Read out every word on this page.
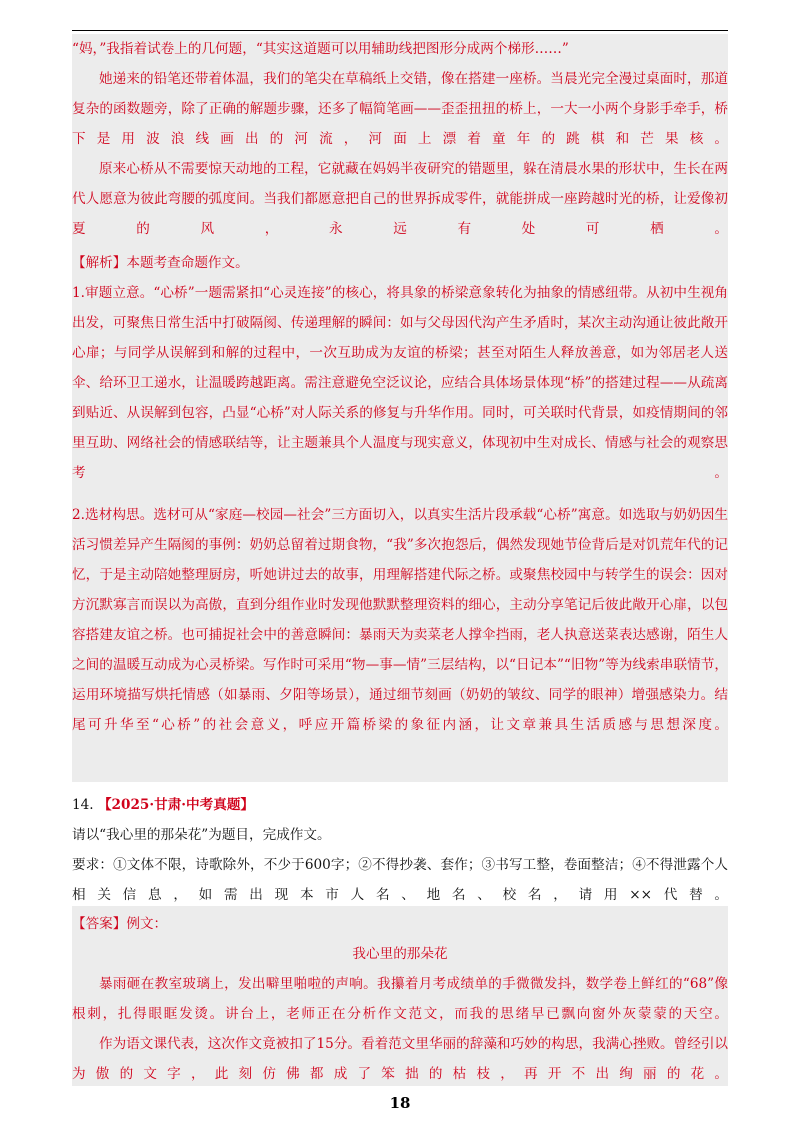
“妈，”我指着试卷上的几何题，“其实这道题可以用辅助线把图形分成两个梯形……”

她递来的铅笔还带着体温，我们的笔尖在草稿纸上交错，像在搭建一座桥。当晨光完全漫过桌面时，那道复杂的函数题旁，除了正确的解题步骤，还多了幅简笔画——歪歪扭扭的桥上，一大一小两个身影手牵手，桥下是用波浪线画出的河流，河面上漂着童年的跳棋和芒果核。

原来心桥从不需要惊天动地的工程，它就藏在妈妈半夜研究的错题里，躲在清晨水果的形状中，生长在两代人愿意为彼此弯腰的弧度间。当我们都愿意把自己的世界拆成零件，就能拼成一座跨越时光的桥，让爱像初夏的风，永远有处可栖。

【解析】本题考查命题作文。

1.审题立意。“心桥”一题需紧扣“心灵连接”的核心，将具象的桥梁意象转化为抽象的情感纽带。从初中生视角出发，可聚焦日常生活中打破隔阂、传递理解的瞬间：如与父母因代沟产生矛盾时，某次主动沟通让彼此敞开心扉；与同学从误解到和解的过程中，一次互助成为友谊的桥梁；甚至对陌生人释放善意，如为邻居老人送伞、给环卫工递水，让温暖跨越距离。需注意避免空泛议论，应结合具体场景体现“桥”的搭建过程——从疏离到贴近、从误解到包容，凸显“心桥”对人际关系的修复与升华作用。同时，可关联时代背景，如疫情期间的邻里互助、网络社会的情感联结等，让主题兼具个人温度与现实意义，体现初中生对成长、情感与社会的观察思考。

2.选材构思。选材可从“家庭—校园—社会”三方面切入，以真实生活片段承载“心桥”寓意。如选取与奶奶因生活习惯差异产生隔阂的事例：奶奶总留着过期食物，“我”多次抱怨后，偶然发现她节俭背后是对饥荒年代的记忆，于是主动陪她整理厨房，听她讲过去的故事，用理解搭建代际之桥。或聚焦校园中与转学生的误会：因对方沉默寡言而误以为高傲，直到分组作业时发现他默默整理资料的细心，主动分享笔记后彼此敞开心扉，以包容搭建友谊之桥。也可捕捉社会中的善意瞬间：暴雨天为卖菜老人撑伞挡雨，老人执意送菜表达感谢，陌生人之间的温暖互动成为心灵桥梁。写作时可采用“物—事—情”三层结构，以“日记本”“旧物”等为线索串联情节，运用环境描写烘托情感（如暴雨、夕阳等场景），通过细节刻画（奶奶的皱纹、同学的眼神）增强感染力。结尾可升华至“心桥”的社会意义，呼应开篇桥梁的象征内涵，让文章兼具生活质感与思想深度。

14. 【2025·甘肃·中考真题】

请以“我心里的那朵花”为题目，完成作文。

要求：①文体不限，诗歌除外，不少于600字；②不得抄袭、套作；③书写工整，卷面整洁；④不得泄露个人相关信息，如需出现本市人名、地名、校名，请用××代替。

【答案】例文：

我心里的那朵花

暴雨砸在教室玻璃上，发出噼里啪啦的声响。我攥着月考成绩单的手微微发抖，数学卷上鲜红的“68”像根刺，扎得眼眶发烫。讲台上，老师正在分析作文范文，而我的思绪早已飘向窗外灰蒙蒙的天空。

作为语文课代表，这次作文竟被扣了15分。看着范文里华丽的辞藻和巧妙的构思，我满心挫败。曾经引以为傲的文字，此刻仿佛都成了笨拙的枯枝，再开不出绚丽的花。

18
